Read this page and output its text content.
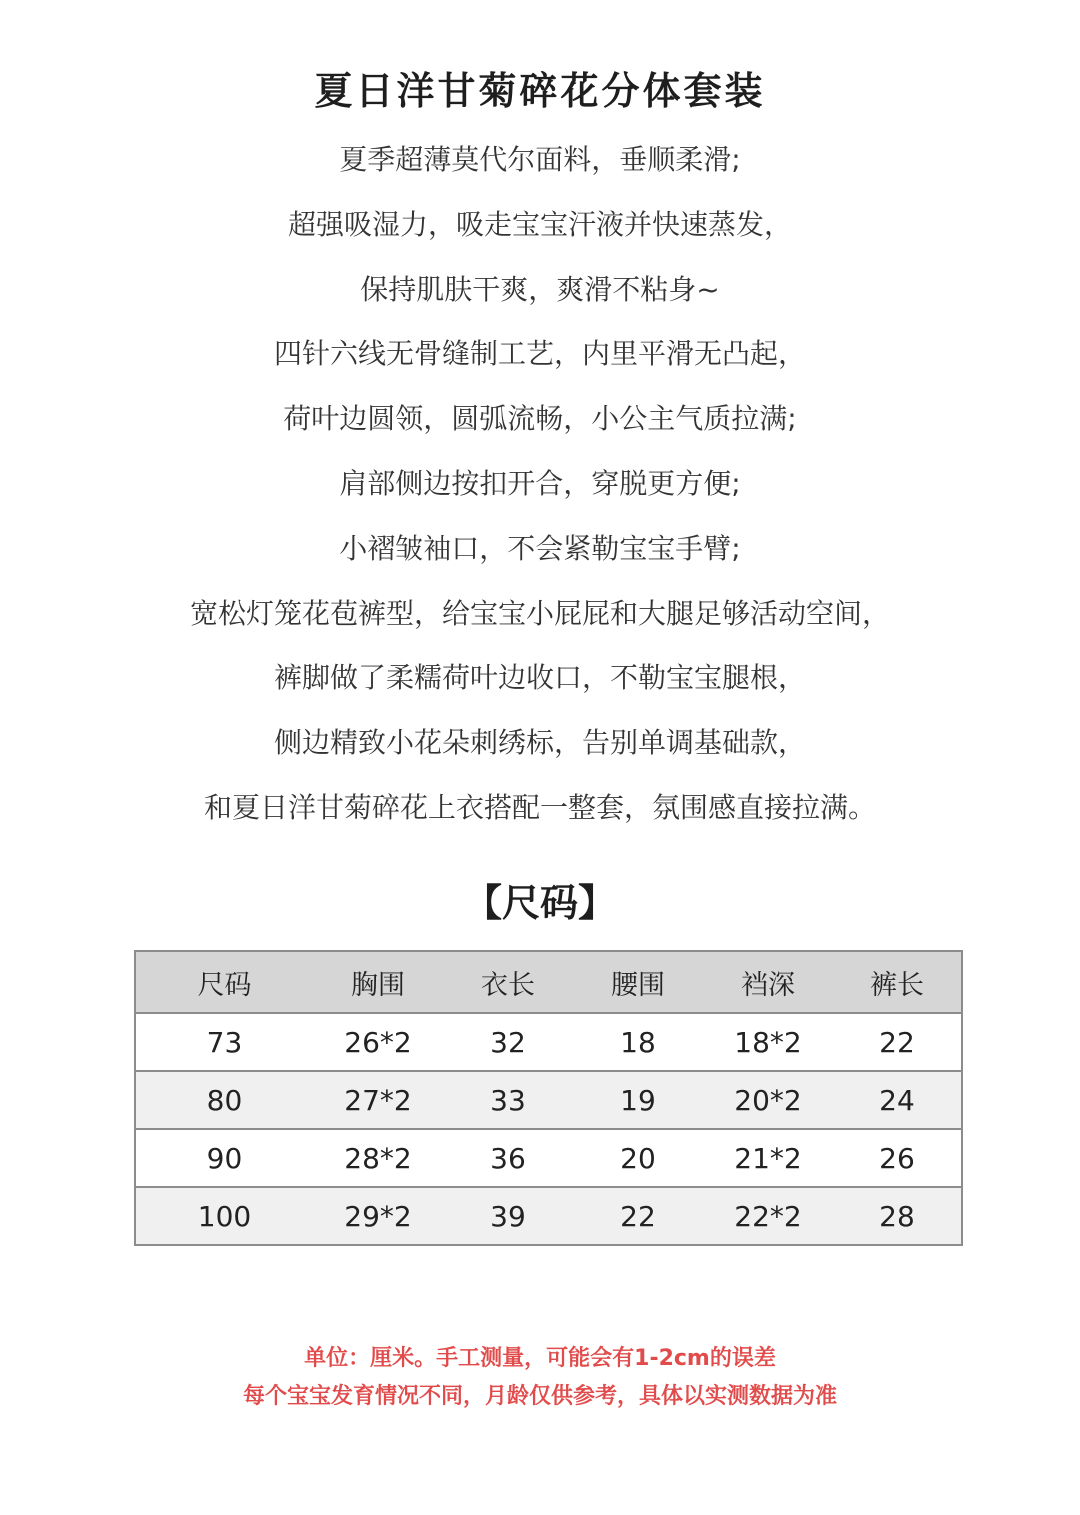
夏日洋甘菊碎花分体套装
夏季超薄莫代尔面料，垂顺柔滑;
超强吸湿力，吸走宝宝汗液并快速蒸发，
保持肌肤干爽，爽滑不粘身~
四针六线无骨缝制工艺，内里平滑无凸起，
荷叶边圆领，圆弧流畅，小公主气质拉满;
肩部侧边按扣开合，穿脱更方便;
小褶皱袖口，不会紧勒宝宝手臂;
宽松灯笼花苞裤型，给宝宝小屁屁和大腿足够活动空间，
裤脚做了柔糯荷叶边收口，不勒宝宝腿根，
侧边精致小花朵刺绣标，告别单调基础款，
和夏日洋甘菊碎花上衣搭配一整套，氛围感直接拉满。
【尺码】
尺码	胸围	衣长	腰围	裆深	裤长
73	26*2	32	18	18*2	22
80	27*2	33	19	20*2	24
90	28*2	36	20	21*2	26
100	29*2	39	22	22*2	28
单位：厘米。手工测量，可能会有1-2cm的误差
每个宝宝发育情况不同，月龄仅供参考，具体以实测数据为准
